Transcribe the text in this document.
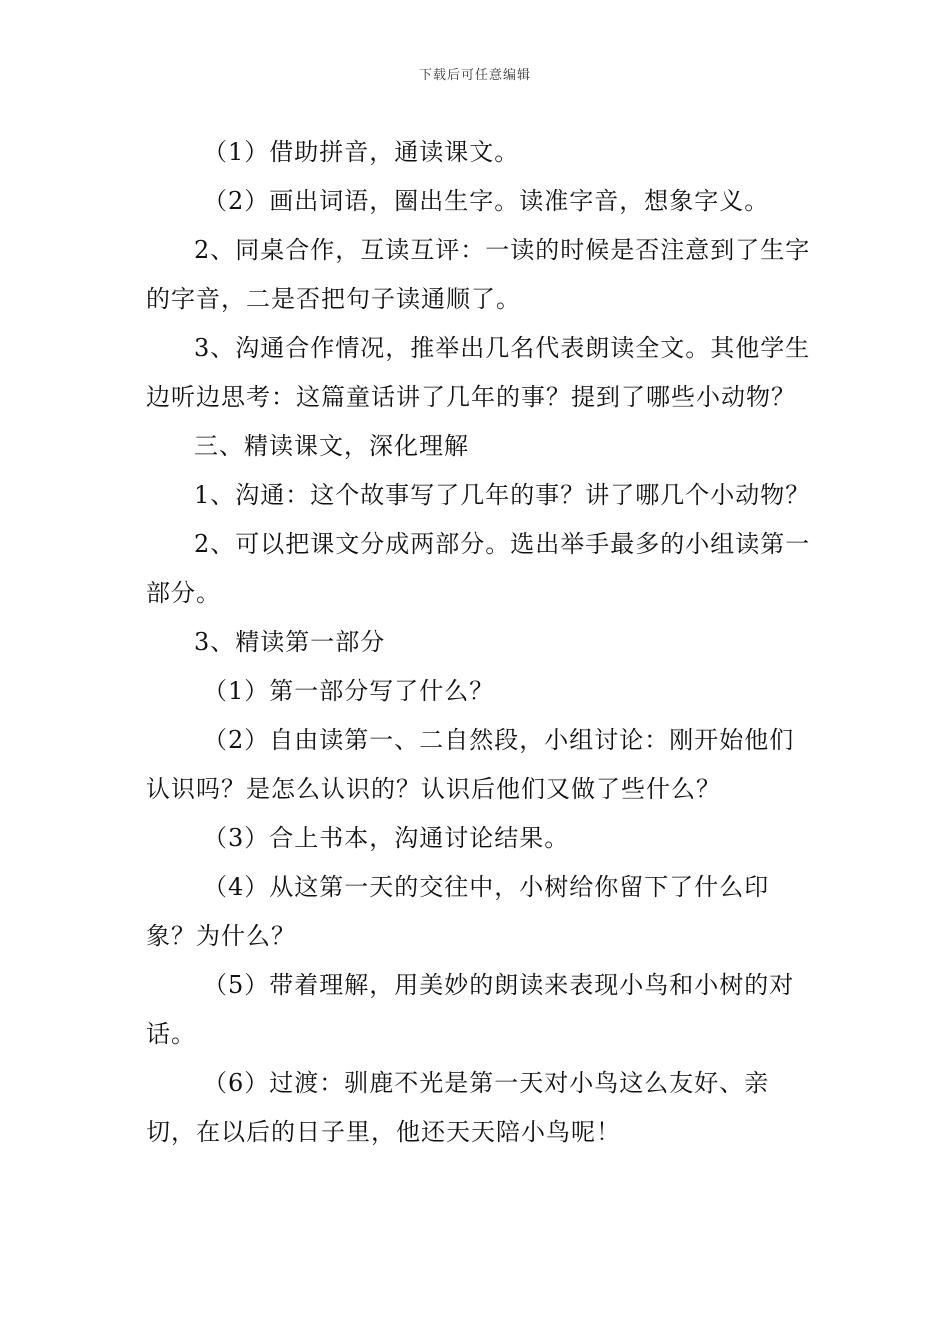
下载后可任意编辑

（1）借助拼音，通读课文。

（2）画出词语，圈出生字。读准字音，想象字义。

2、同桌合作，互读互评：一读的时候是否注意到了生字的字音，二是否把句子读通顺了。

3、沟通合作情况，推举出几名代表朗读全文。其他学生边听边思考：这篇童话讲了几年的事？提到了哪些小动物？

三、精读课文，深化理解

1、沟通：这个故事写了几年的事？讲了哪几个小动物？

2、可以把课文分成两部分。选出举手最多的小组读第一部分。

3、精读第一部分

（1）第一部分写了什么？

（2）自由读第一、二自然段，小组讨论：刚开始他们认识吗？是怎么认识的？认识后他们又做了些什么？

（3）合上书本，沟通讨论结果。

（4）从这第一天的交往中，小树给你留下了什么印象？为什么？

（5）带着理解，用美妙的朗读来表现小鸟和小树的对话。

（6）过渡：驯鹿不光是第一天对小鸟这么友好、亲切，在以后的日子里，他还天天陪小鸟呢！
